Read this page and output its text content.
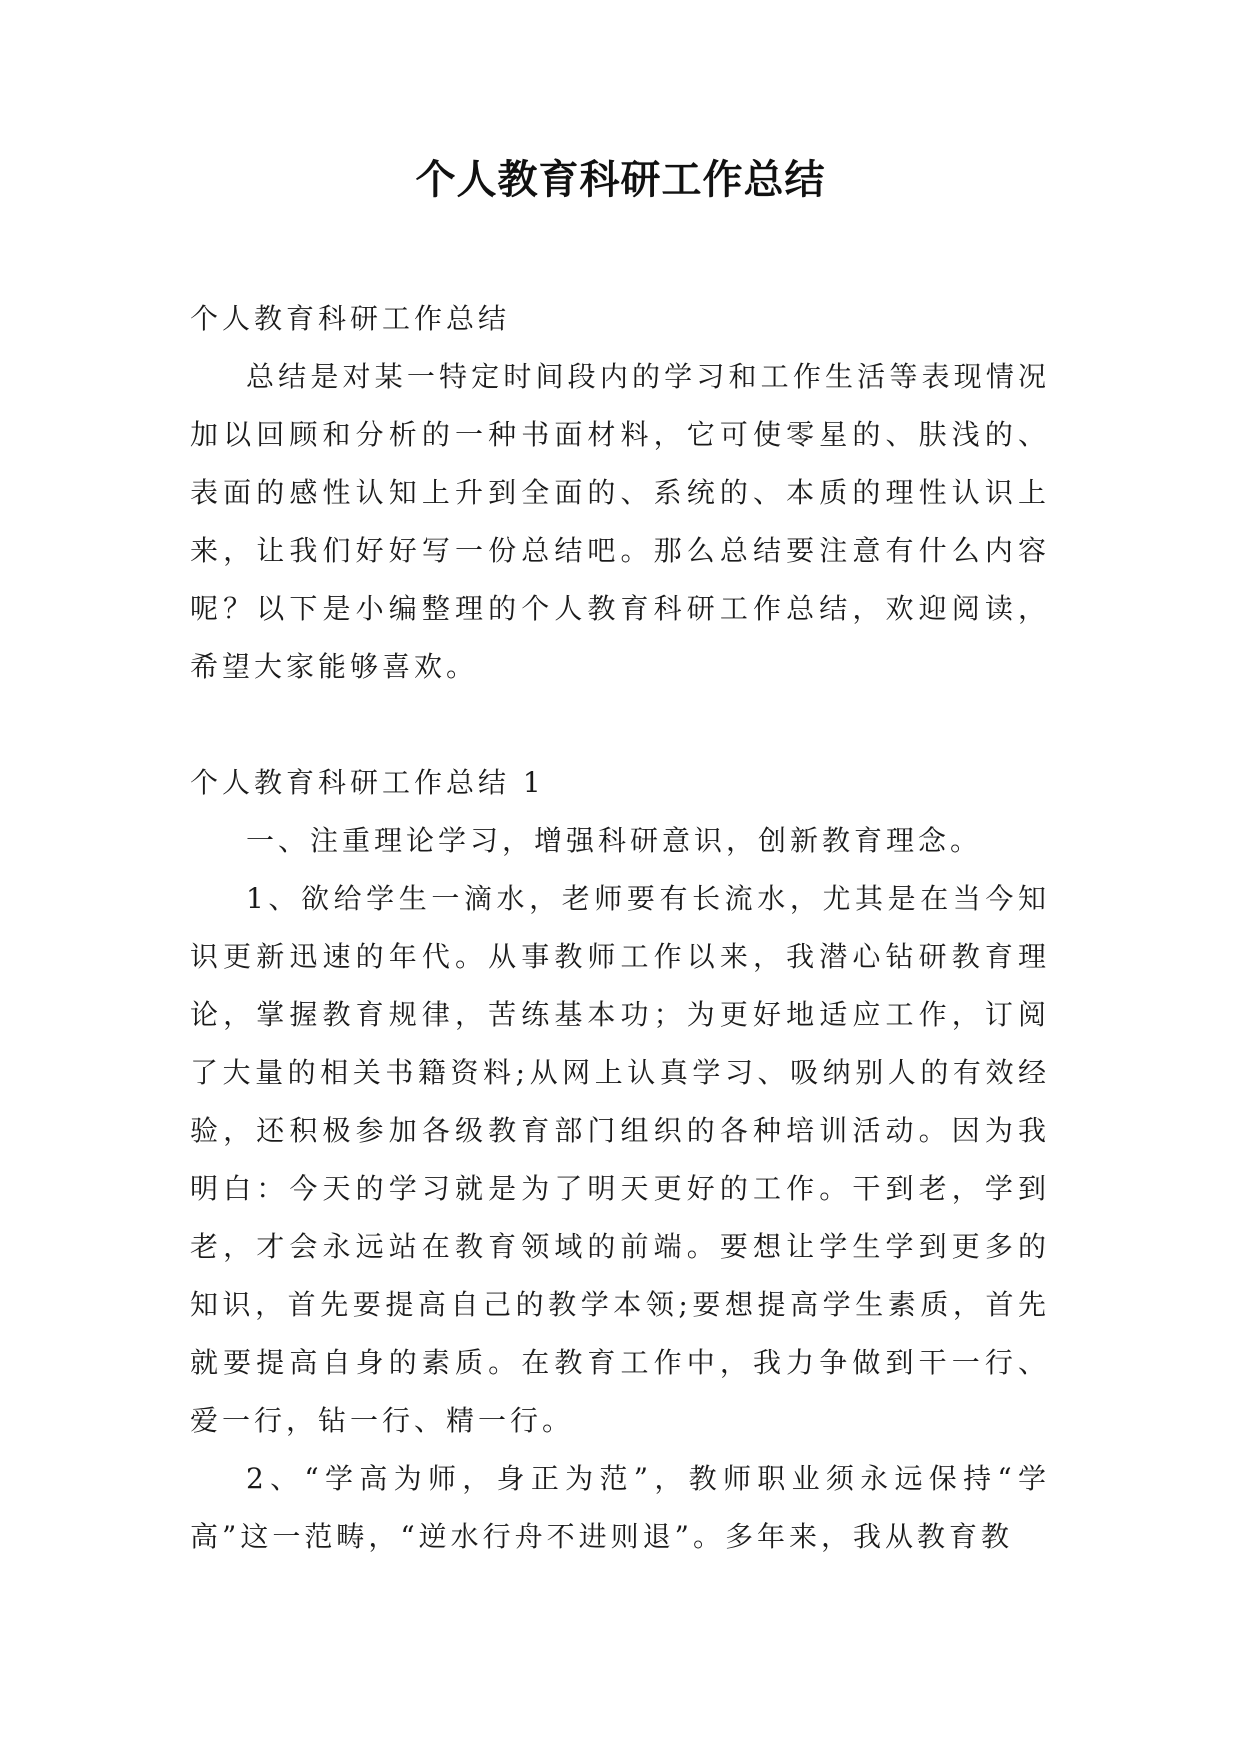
个人教育科研工作总结

个人教育科研工作总结

总结是对某一特定时间段内的学习和工作生活等表现情况加以回顾和分析的一种书面材料，它可使零星的、肤浅的、表面的感性认知上升到全面的、系统的、本质的理性认识上来，让我们好好写一份总结吧。那么总结要注意有什么内容呢？以下是小编整理的个人教育科研工作总结，欢迎阅读，希望大家能够喜欢。

个人教育科研工作总结 1

一、注重理论学习，增强科研意识，创新教育理念。

1、欲给学生一滴水，老师要有长流水，尤其是在当今知识更新迅速的年代。从事教师工作以来，我潜心钻研教育理论，掌握教育规律，苦练基本功；为更好地适应工作，订阅了大量的相关书籍资料;从网上认真学习、吸纳别人的有效经验，还积极参加各级教育部门组织的各种培训活动。因为我明白：今天的学习就是为了明天更好的工作。干到老，学到老，才会永远站在教育领域的前端。要想让学生学到更多的知识，首先要提高自己的教学本领;要想提高学生素质，首先就要提高自身的素质。在教育工作中，我力争做到干一行、爱一行，钻一行、精一行。

2、“学高为师，身正为范”，教师职业须永远保持“学高”这一范畴，“逆水行舟不进则退”。多年来，我从教育教
